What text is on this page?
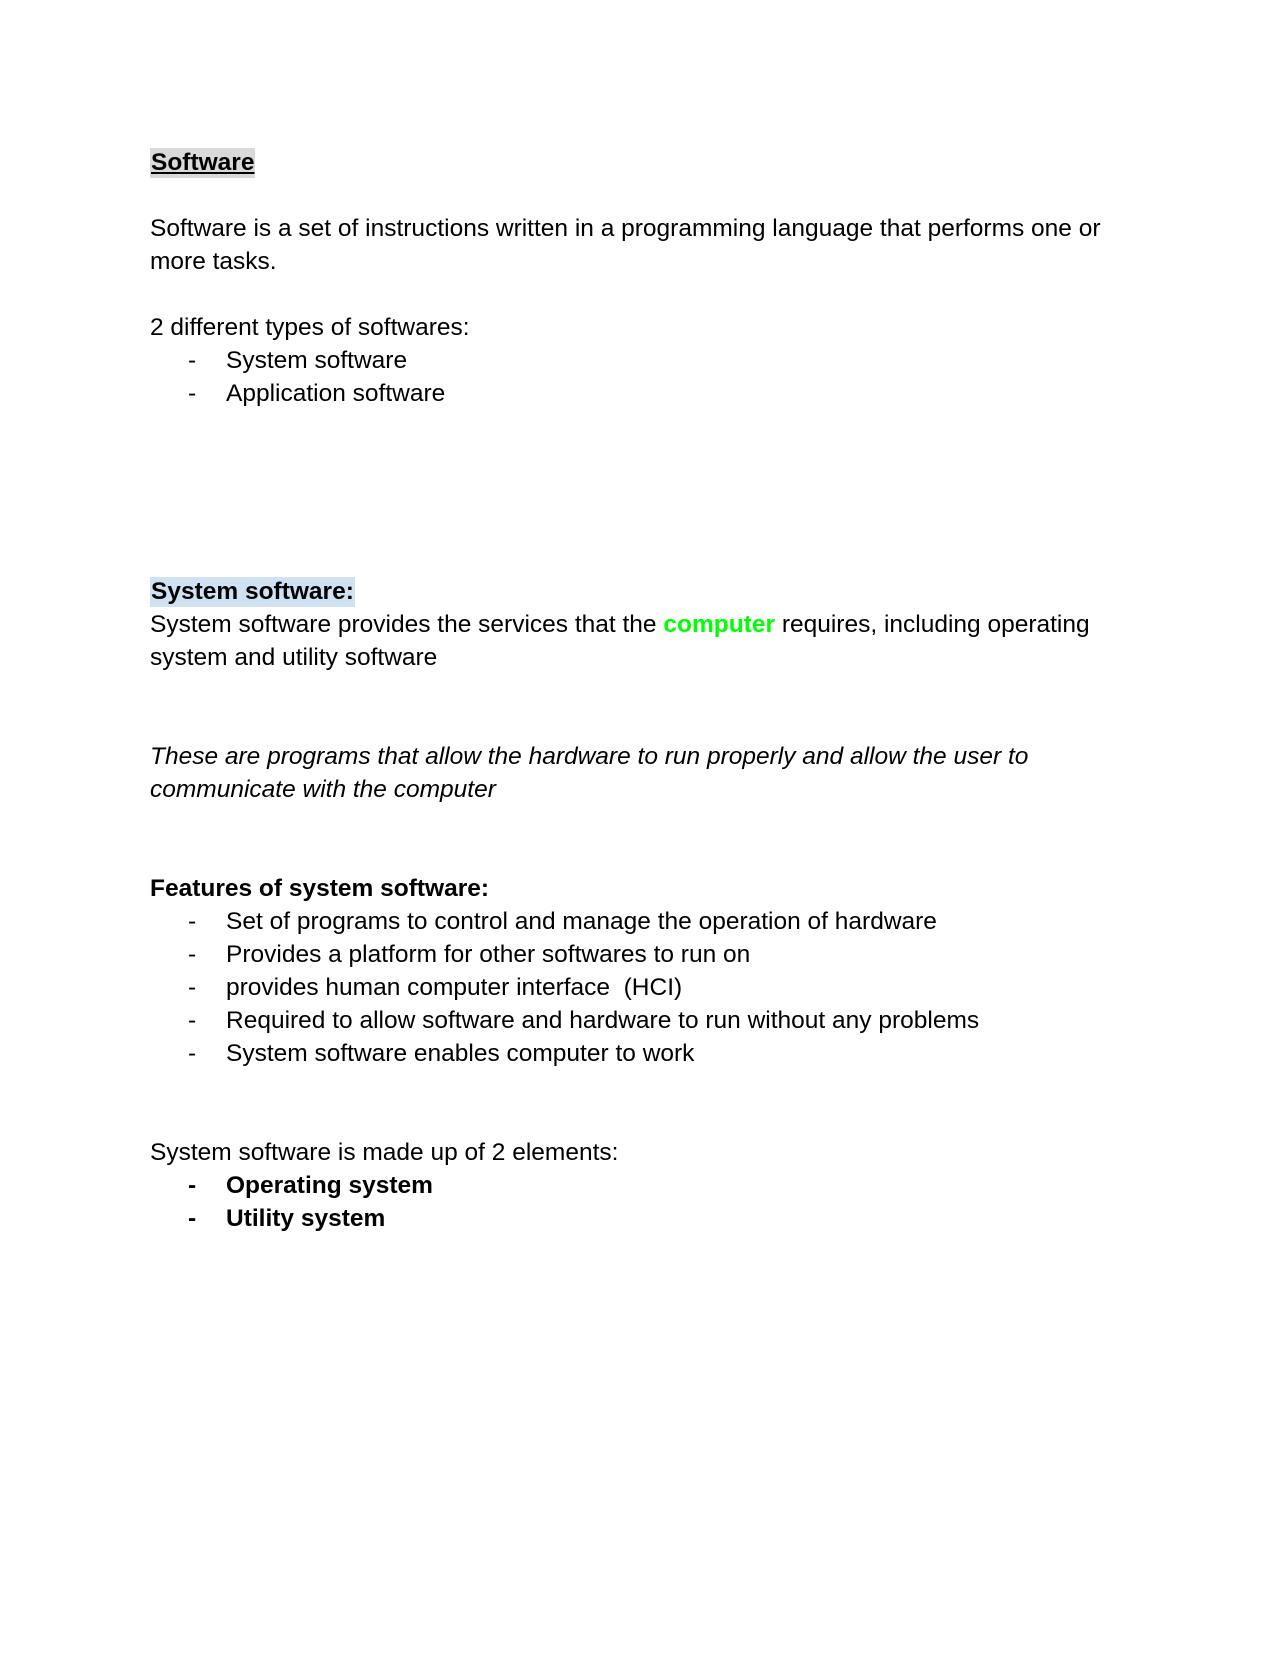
Software

Software is a set of instructions written in a programming language that performs one or more tasks.

2 different types of softwares:

- System software
- Application software

System software:

System software provides the services that the computer requires, including operating system and utility software

These are programs that allow the hardware to run properly and allow the user to communicate with the computer

Features of system software:

- Set of programs to control and manage the operation of hardware
- Provides a platform for other softwares to run on
- provides human computer interface  (HCI)
- Required to allow software and hardware to run without any problems
- System software enables computer to work

System software is made up of 2 elements:

- Operating system
- Utility system
